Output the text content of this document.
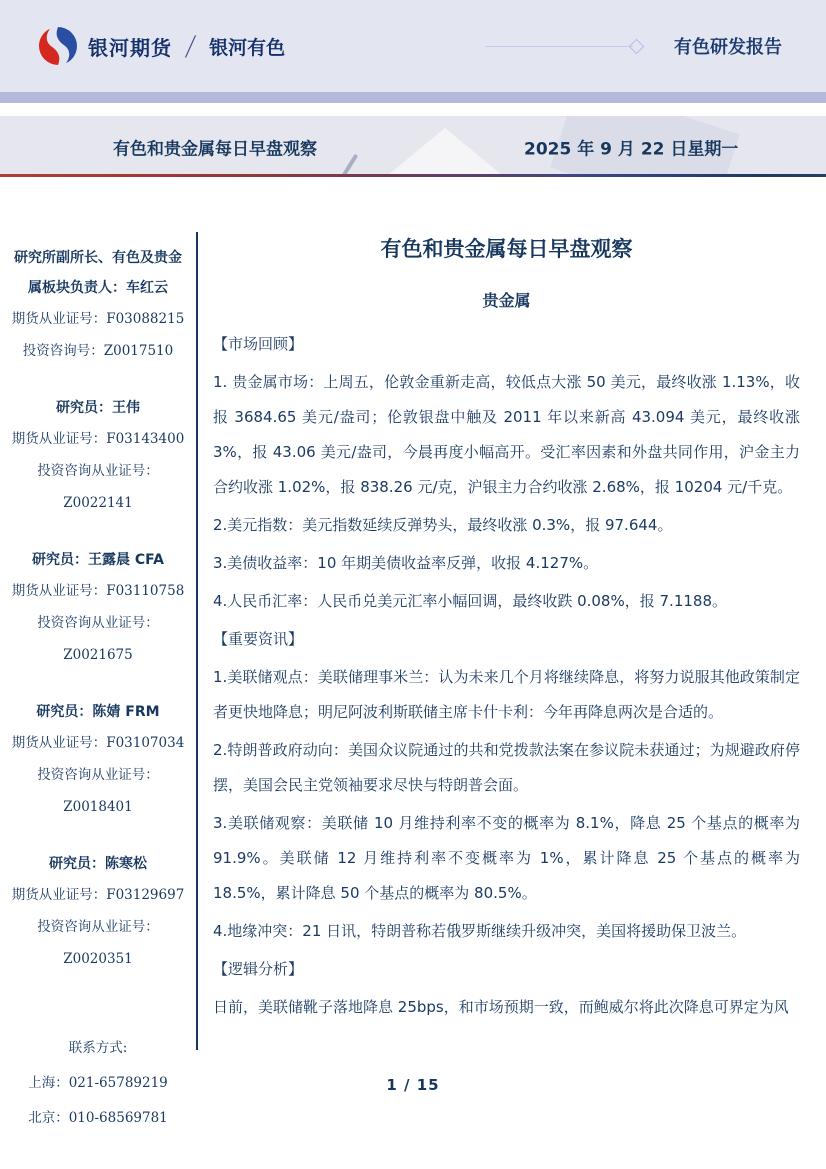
银河期货 / 银河有色	有色研发报告
有色和贵金属每日早盘观察	2025 年 9 月 22 日星期一
研究所副所长、有色及贵金属板块负责人：车红云
期货从业证号：F03088215
投资咨询号：Z0017510
研究员：王伟
期货从业证号：F03143400
投资咨询从业证号：
Z0022141
研究员：王露晨 CFA
期货从业证号：F03110758
投资咨询从业证号：
Z0021675
研究员：陈婧 FRM
期货从业证号：F03107034
投资咨询从业证号：
Z0018401
研究员：陈寒松
期货从业证号：F03129697
投资咨询从业证号：
Z0020351
联系方式:
上海：021-65789219
北京：010-68569781
有色和贵金属每日早盘观察
贵金属
【市场回顾】
1. 贵金属市场：上周五，伦敦金重新走高，较低点大涨 50 美元，最终收涨 1.13%，收报 3684.65 美元/盎司；伦敦银盘中触及 2011 年以来新高 43.094 美元，最终收涨 3%，报 43.06 美元/盎司，今晨再度小幅高开。受汇率因素和外盘共同作用，沪金主力合约收涨 1.02%，报 838.26 元/克，沪银主力合约收涨 2.68%，报 10204 元/千克。
2.美元指数：美元指数延续反弹势头，最终收涨 0.3%，报 97.644。
3.美债收益率：10 年期美债收益率反弹，收报 4.127%。
4.人民币汇率：人民币兑美元汇率小幅回调，最终收跌 0.08%，报 7.1188。
【重要资讯】
1.美联储观点：美联储理事米兰：认为未来几个月将继续降息，将努力说服其他政策制定者更快地降息；明尼阿波利斯联储主席卡什卡利：今年再降息两次是合适的。
2.特朗普政府动向：美国众议院通过的共和党拨款法案在参议院未获通过；为规避政府停摆，美国会民主党领袖要求尽快与特朗普会面。
3.美联储观察：美联储 10 月维持利率不变的概率为 8.1%，降息 25 个基点的概率为 91.9%。美联储 12 月维持利率不变概率为 1%，累计降息 25 个基点的概率为 18.5%，累计降息 50 个基点的概率为 80.5%。
4.地缘冲突：21 日讯，特朗普称若俄罗斯继续升级冲突，美国将援助保卫波兰。
【逻辑分析】
日前，美联储靴子落地降息 25bps，和市场预期一致，而鲍威尔将此次降息可界定为风
1 / 15
